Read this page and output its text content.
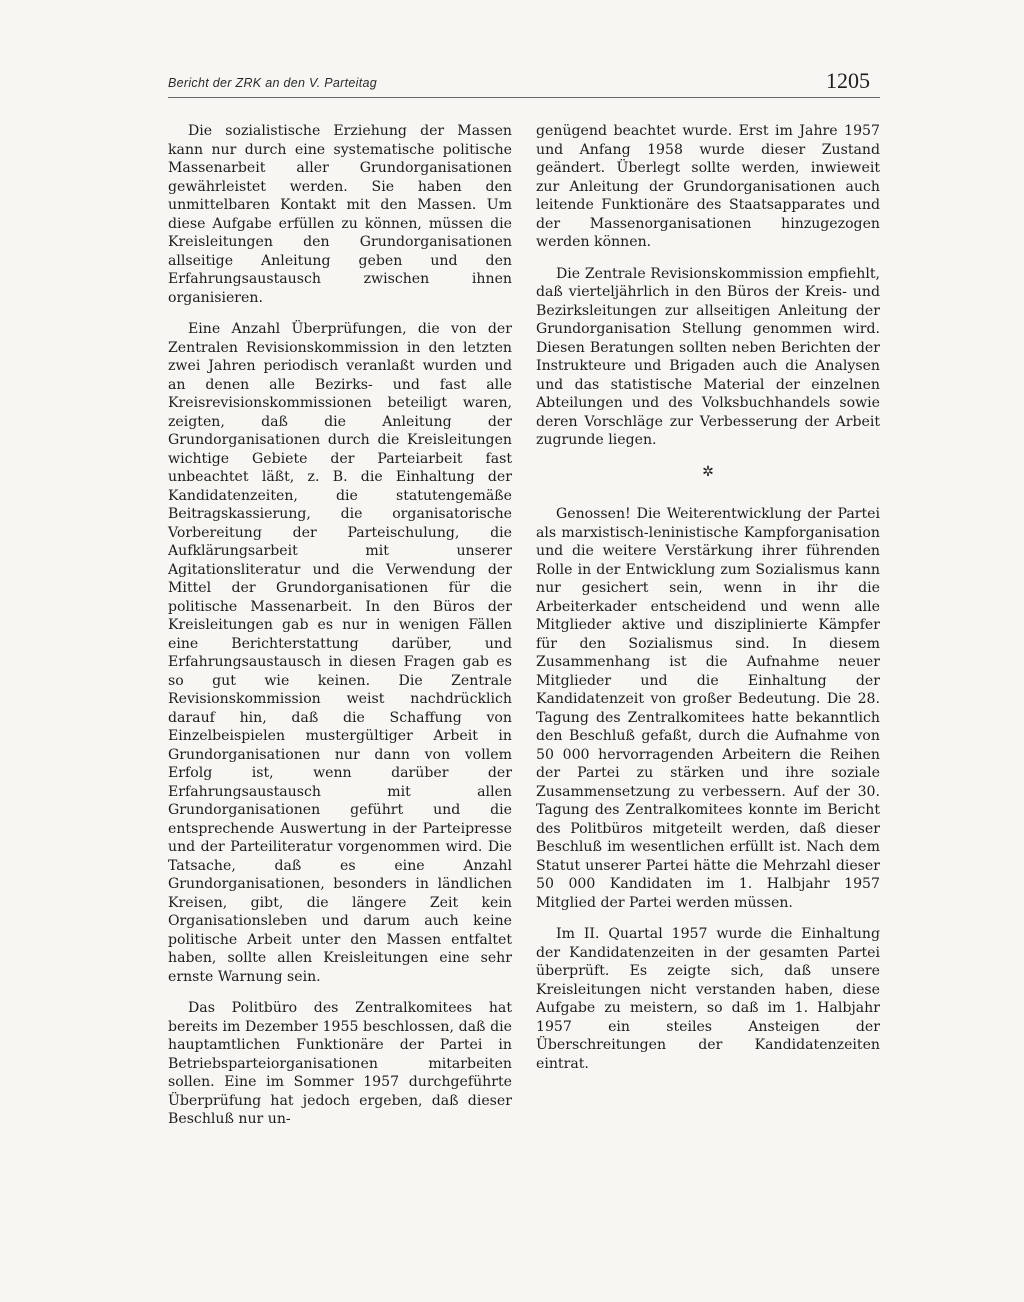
Bericht der ZRK an den V. Parteitag	1205

Die sozialistische Erziehung der Massen kann nur durch eine systematische politische Massenarbeit aller Grundorganisationen gewährleistet werden. Sie haben den unmittelbaren Kontakt mit den Massen. Um diese Aufgabe erfüllen zu können, müssen die Kreisleitungen den Grundorganisationen allseitige Anleitung geben und den Erfahrungsaustausch zwischen ihnen organisieren.

Eine Anzahl Überprüfungen, die von der Zentralen Revisionskommission in den letzten zwei Jahren periodisch veranlaßt wurden und an denen alle Bezirks- und fast alle Kreisrevisionskommissionen beteiligt waren, zeigten, daß die Anleitung der Grundorganisationen durch die Kreisleitungen wichtige Gebiete der Parteiarbeit fast unbeachtet läßt, z. B. die Einhaltung der Kandidatenzeiten, die statutengemäße Beitragskassierung, die organisatorische Vorbereitung der Parteischulung, die Aufklärungsarbeit mit unserer Agitationsliteratur und die Verwendung der Mittel der Grundorganisationen für die politische Massenarbeit. In den Büros der Kreisleitungen gab es nur in wenigen Fällen eine Berichterstattung darüber, und Erfahrungsaustausch in diesen Fragen gab es so gut wie keinen. Die Zentrale Revisionskommission weist nachdrücklich darauf hin, daß die Schaffung von Einzelbeispielen mustergültiger Arbeit in Grundorganisationen nur dann von vollem Erfolg ist, wenn darüber der Erfahrungsaustausch mit allen Grundorganisationen geführt und die entsprechende Auswertung in der Parteipresse und der Parteiliteratur vorgenommen wird. Die Tatsache, daß es eine Anzahl Grundorganisationen, besonders in ländlichen Kreisen, gibt, die längere Zeit kein Organisationsleben und darum auch keine politische Arbeit unter den Massen entfaltet haben, sollte allen Kreisleitungen eine sehr ernste Warnung sein.

Das Politbüro des Zentralkomitees hat bereits im Dezember 1955 beschlossen, daß die hauptamtlichen Funktionäre der Partei in Betriebsparteiorganisationen mitarbeiten sollen. Eine im Sommer 1957 durchgeführte Überprüfung hat jedoch ergeben, daß dieser Beschluß nur un-

genügend beachtet wurde. Erst im Jahre 1957 und Anfang 1958 wurde dieser Zustand geändert. Überlegt sollte werden, inwieweit zur Anleitung der Grundorganisationen auch leitende Funktionäre des Staatsapparates und der Massenorganisationen hinzugezogen werden können.

Die Zentrale Revisionskommission empfiehlt, daß vierteljährlich in den Büros der Kreis- und Bezirksleitungen zur allseitigen Anleitung der Grundorganisation Stellung genommen wird. Diesen Beratungen sollten neben Berichten der Instrukteure und Brigaden auch die Analysen und das statistische Material der einzelnen Abteilungen und des Volksbuchhandels sowie deren Vorschläge zur Verbesserung der Arbeit zugrunde liegen.

✲

Genossen! Die Weiterentwicklung der Partei als marxistisch-leninistische Kampforganisation und die weitere Verstärkung ihrer führenden Rolle in der Entwicklung zum Sozialismus kann nur gesichert sein, wenn in ihr die Arbeiterkader entscheidend und wenn alle Mitglieder aktive und disziplinierte Kämpfer für den Sozialismus sind. In diesem Zusammenhang ist die Aufnahme neuer Mitglieder und die Einhaltung der Kandidatenzeit von großer Bedeutung. Die 28. Tagung des Zentralkomitees hatte bekanntlich den Beschluß gefaßt, durch die Aufnahme von 50 000 hervorragenden Arbeitern die Reihen der Partei zu stärken und ihre soziale Zusammensetzung zu verbessern. Auf der 30. Tagung des Zentralkomitees konnte im Bericht des Politbüros mitgeteilt werden, daß dieser Beschluß im wesentlichen erfüllt ist. Nach dem Statut unserer Partei hätte die Mehrzahl dieser 50 000 Kandidaten im 1. Halbjahr 1957 Mitglied der Partei werden müssen.

Im II. Quartal 1957 wurde die Einhaltung der Kandidatenzeiten in der gesamten Partei überprüft. Es zeigte sich, daß unsere Kreisleitungen nicht verstanden haben, diese Aufgabe zu meistern, so daß im 1. Halbjahr 1957 ein steiles Ansteigen der Überschreitungen der Kandidatenzeiten eintrat.
